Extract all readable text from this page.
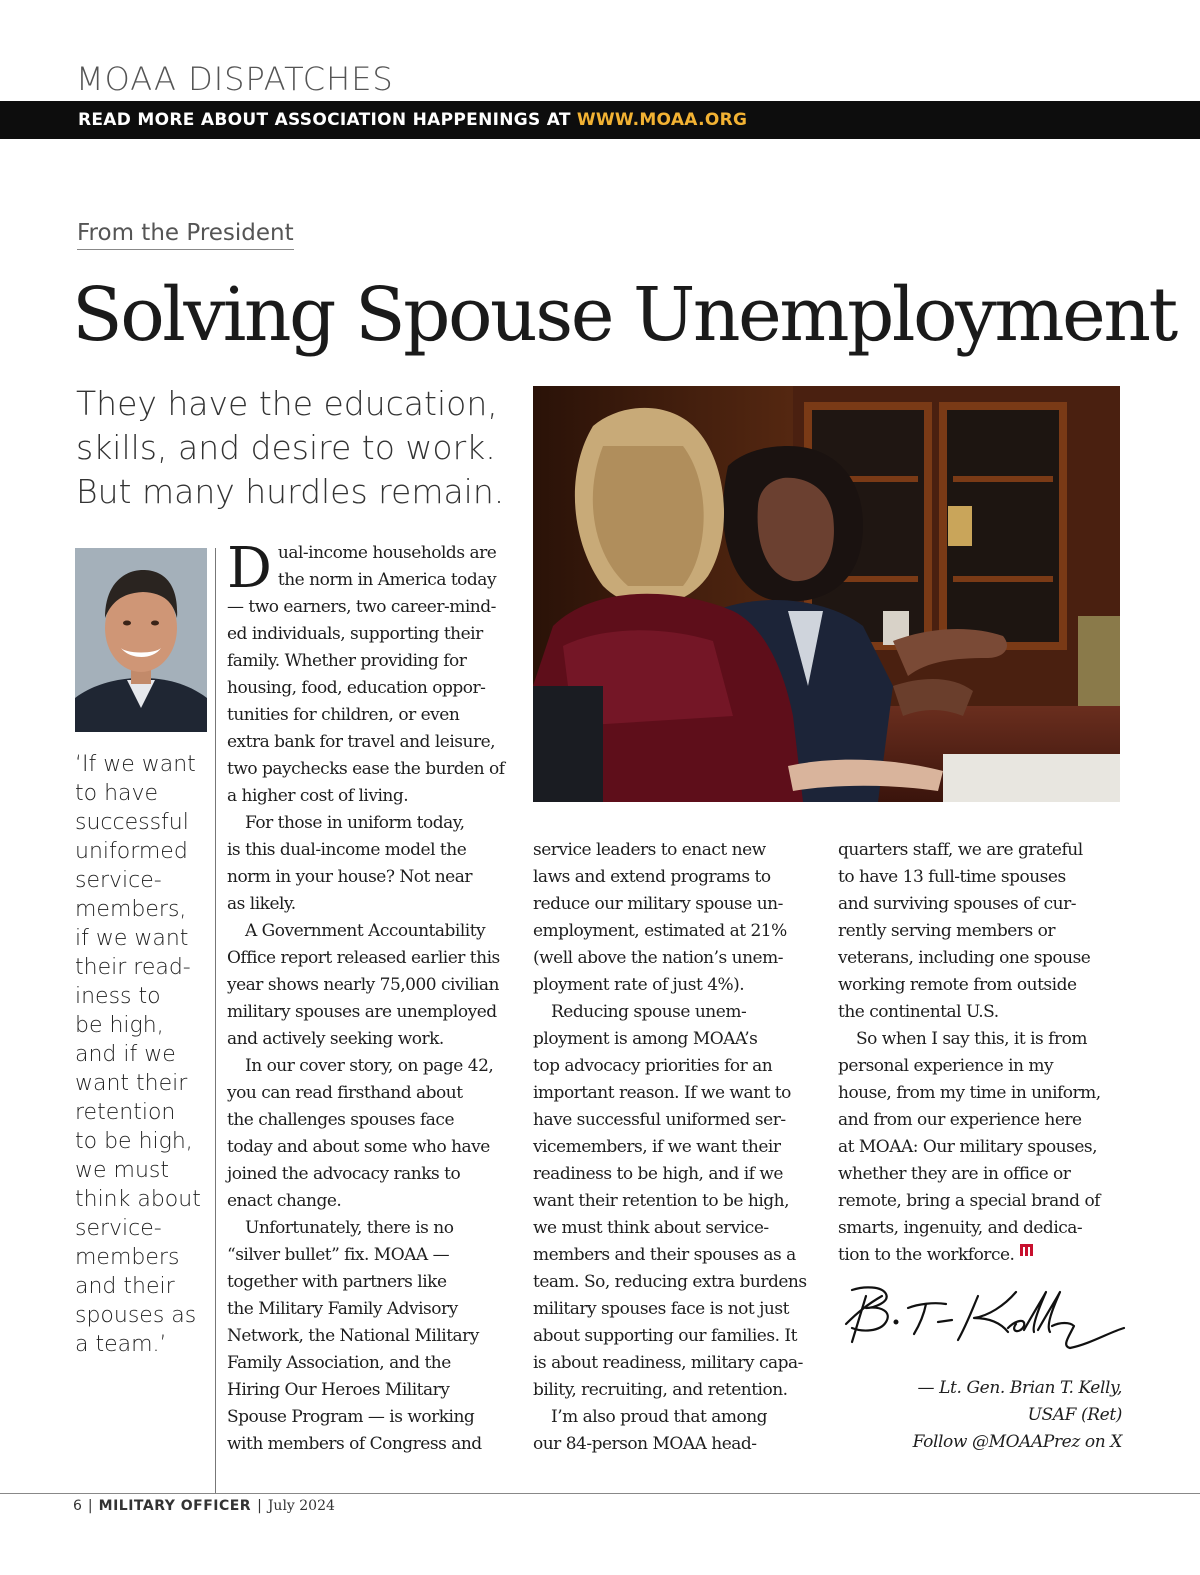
MOAA DISPATCHES
READ MORE ABOUT ASSOCIATION HAPPENINGS AT WWW.MOAA.ORG
From the President
Solving Spouse Unemployment
They have the education,
skills, and desire to work.
But many hurdles remain.
‘If we want
to have
successful
uniformed
service-
members,
if we want
their read-
iness to
be high,
and if we
want their
retention
to be high,
we must
think about
service-
members
and their
spouses as
a team.’
D ual-income households are
the norm in America today
— two earners, two career-mind-
ed individuals, supporting their
family. Whether providing for
housing, food, education oppor-
tunities for children, or even
extra bank for travel and leisure,
two paychecks ease the burden of
a higher cost of living.
For those in uniform today,
is this dual-income model the
norm in your house? Not near
as likely.
A Government Accountability
Office report released earlier this
year shows nearly 75,000 civilian
military spouses are unemployed
and actively seeking work.
In our cover story, on page 42,
you can read firsthand about
the challenges spouses face
today and about some who have
joined the advocacy ranks to
enact change.
Unfortunately, there is no
“silver bullet” fix. MOAA —
together with partners like
the Military Family Advisory
Network, the National Military
Family Association, and the
Hiring Our Heroes Military
Spouse Program — is working
with members of Congress and
service leaders to enact new
laws and extend programs to
reduce our military spouse un-
employment, estimated at 21%
(well above the nation’s unem-
ployment rate of just 4%).
Reducing spouse unem-
ployment is among MOAA’s
top advocacy priorities for an
important reason. If we want to
have successful uniformed ser-
vicemembers, if we want their
readiness to be high, and if we
want their retention to be high,
we must think about service-
members and their spouses as a
team. So, reducing extra burdens
military spouses face is not just
about supporting our families. It
is about readiness, military capa-
bility, recruiting, and retention.
I’m also proud that among
our 84-person MOAA head-
quarters staff, we are grateful
to have 13 full-time spouses
and surviving spouses of cur-
rently serving members or
veterans, including one spouse
working remote from outside
the continental U.S.
So when I say this, it is from
personal experience in my
house, from my time in uniform,
and from our experience here
at MOAA: Our military spouses,
whether they are in office or
remote, bring a special brand of
smarts, ingenuity, and dedica-
tion to the workforce.
— Lt. Gen. Brian T. Kelly,
USAF (Ret)
Follow @MOAAPrez on X
6 | MILITARY OFFICER | July 2024
